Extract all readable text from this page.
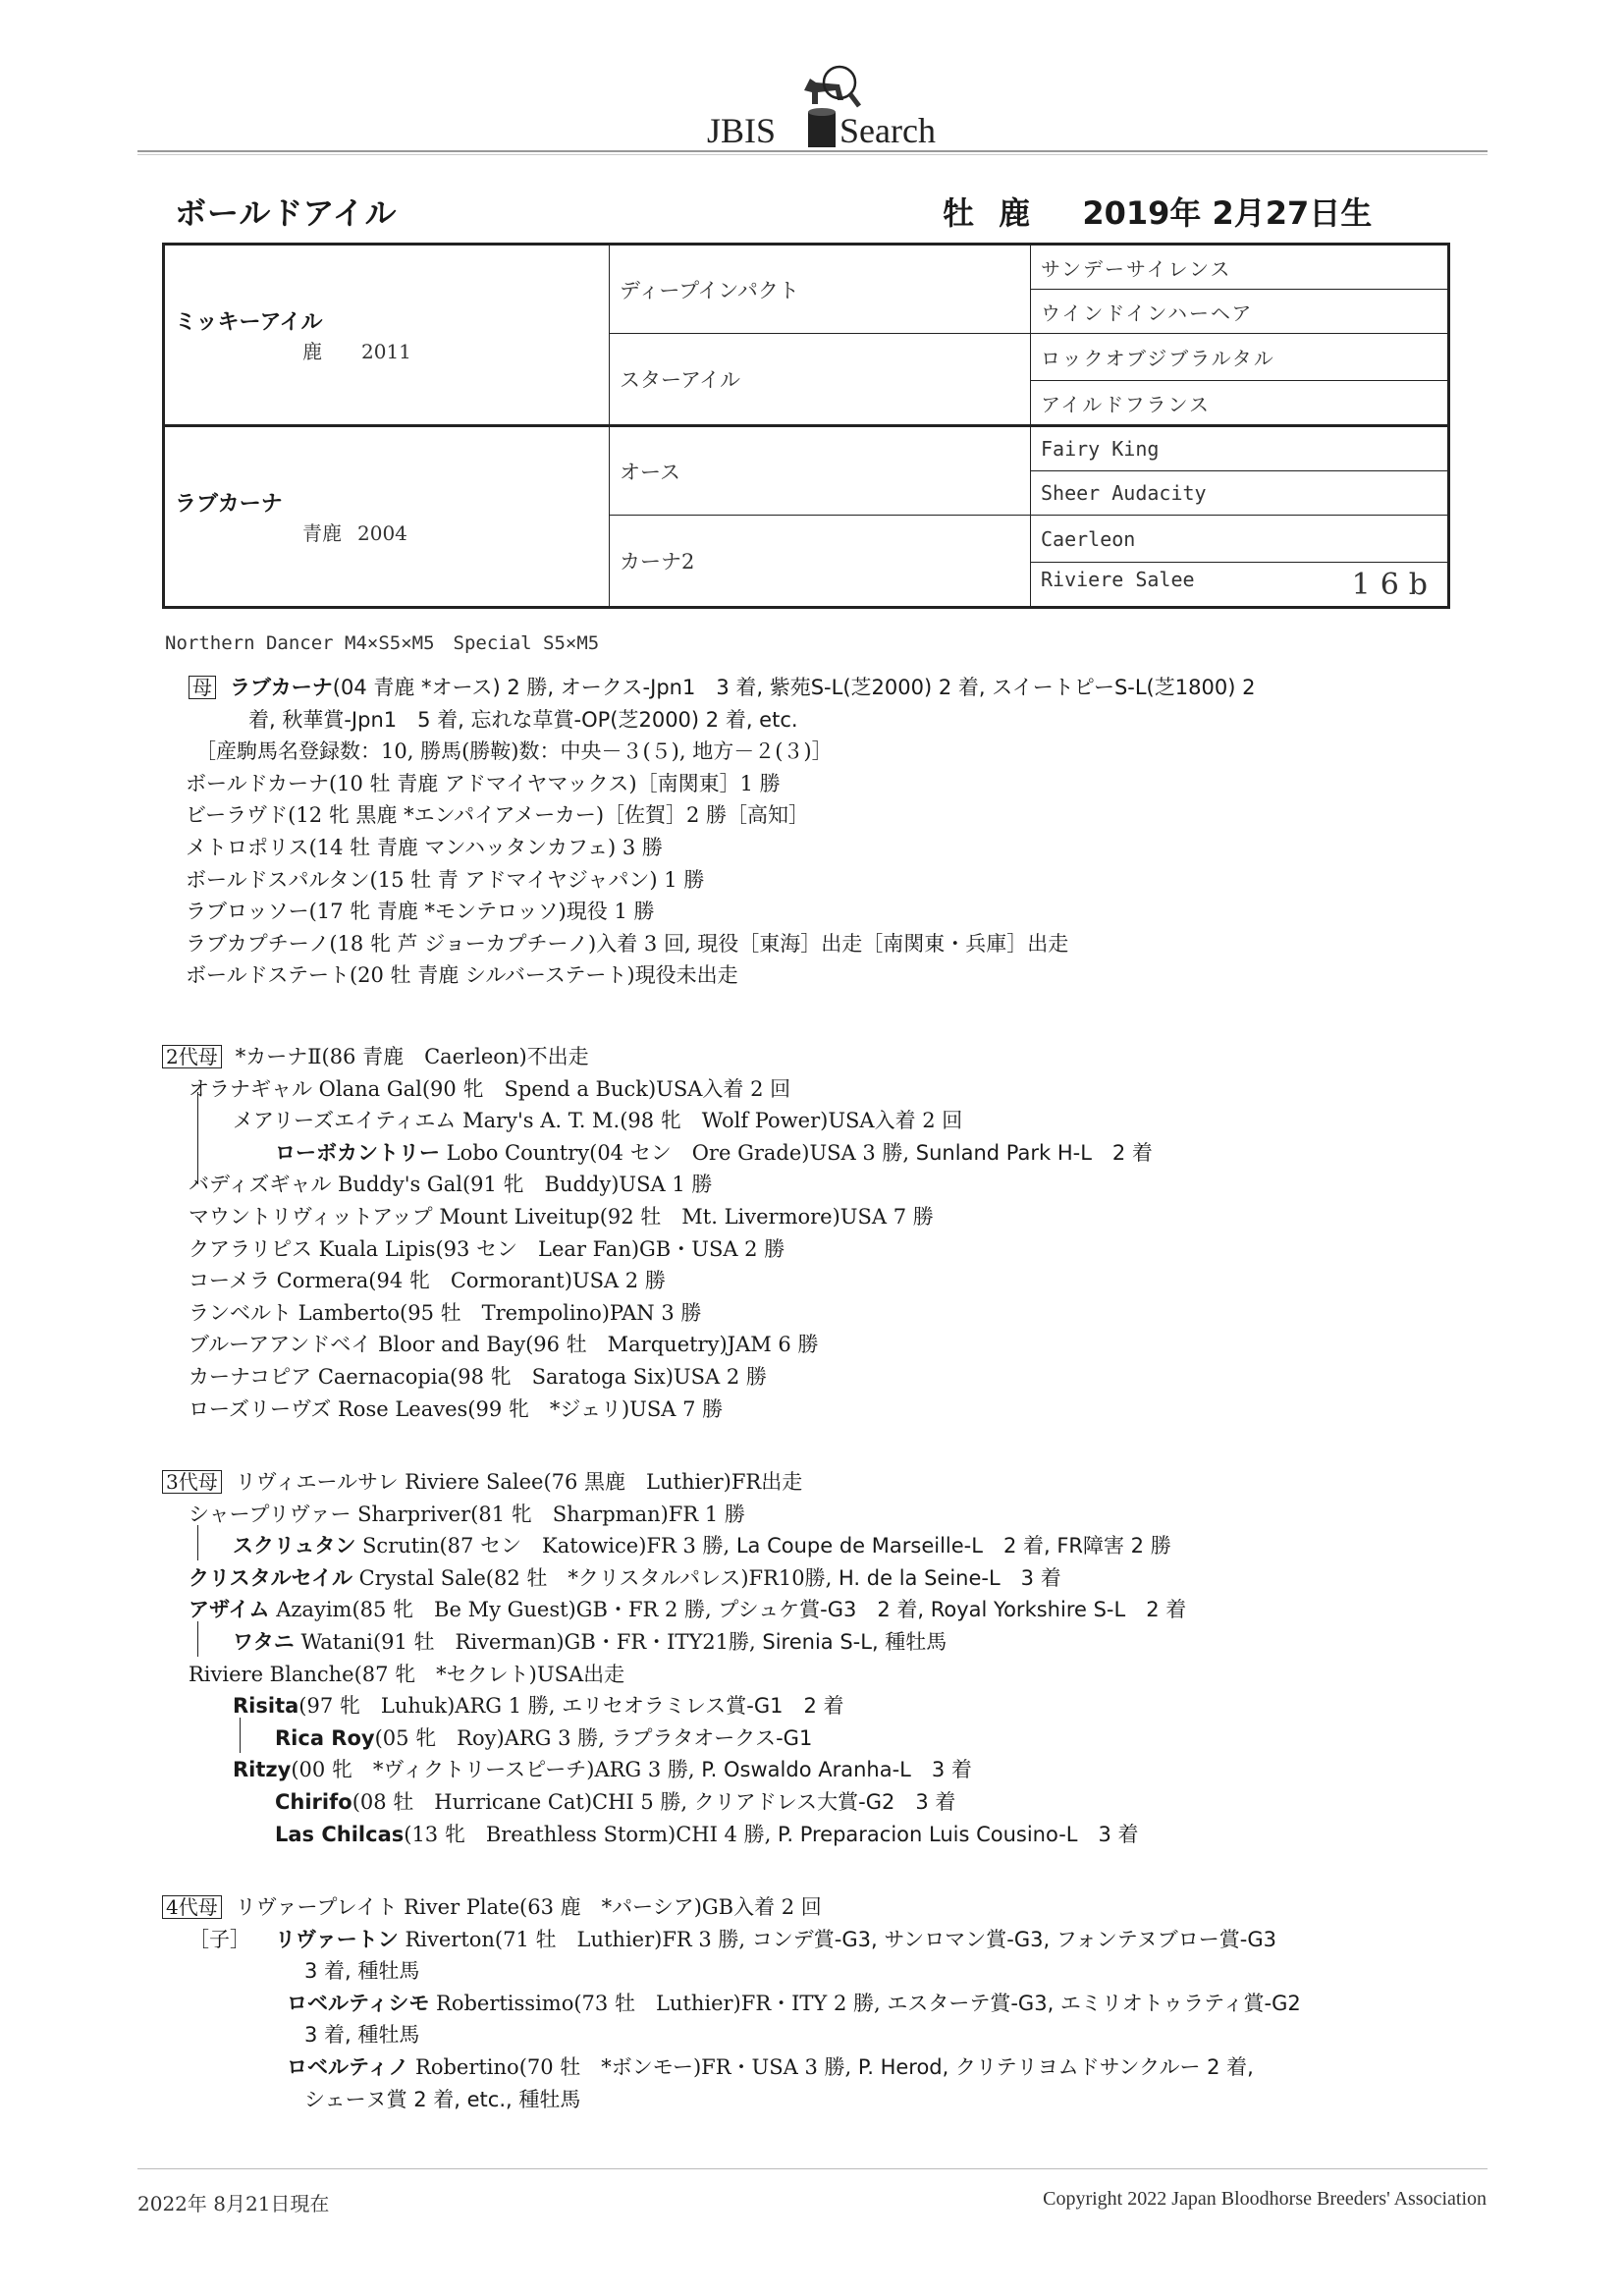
JBIS Search
ボールドアイル	牡 鹿 2019年 2月27日生
ミッキーアイル
鹿 2011	ディープインパクト	サンデーサイレンス
		ウインドインハーヘア
	スターアイル	ロックオブジブラルタル
		アイルドフランス

ラブカーナ
青鹿 2004	オース	Fairy King
		Sheer Audacity
	カーナ2	Caerleon
		Riviere Salee 16b
Northern Dancer M4×S5×M5　Special S5×M5
母 ラブカーナ(04 青鹿 *オース) 2 勝, オークス-Jpn1　3 着, 紫苑S-L(芝2000) 2 着, スイートピーS-L(芝1800) 2
着, 秋華賞-Jpn1　5 着, 忘れな草賞-OP(芝2000) 2 着, etc.
［産駒馬名登録数：10, 勝馬(勝鞍)数：中央－３(５), 地方－２(３)］
ボールドカーナ(10 牡 青鹿 アドマイヤマックス)［南関東］1 勝
ビーラヴド(12 牝 黒鹿 *エンパイアメーカー)［佐賀］2 勝［高知］
メトロポリス(14 牡 青鹿 マンハッタンカフェ) 3 勝
ボールドスパルタン(15 牡 青 アドマイヤジャパン) 1 勝
ラブロッソー(17 牝 青鹿 *モンテロッソ)現役 1 勝
ラブカプチーノ(18 牝 芦 ジョーカプチーノ)入着 3 回, 現役［東海］出走［南関東・兵庫］出走
ボールドステート(20 牡 青鹿 シルバーステート)現役未出走
2代母 *カーナⅡ(86 青鹿　Caerleon)不出走
オラナギャル Olana Gal(90 牝　Spend a Buck)USA入着 2 回
メアリーズエイティエム Mary's A. T. M.(98 牝　Wolf Power)USA入着 2 回
ローボカントリー Lobo Country(04 セン　Ore Grade)USA 3 勝, Sunland Park H-L　2 着
バディズギャル Buddy's Gal(91 牝　Buddy)USA 1 勝
マウントリヴィットアップ Mount Liveitup(92 牡　Mt. Livermore)USA 7 勝
クアラリピス Kuala Lipis(93 セン　Lear Fan)GB・USA 2 勝
コーメラ Cormera(94 牝　Cormorant)USA 2 勝
ランベルト Lamberto(95 牡　Trempolino)PAN 3 勝
ブルーアアンドベイ Bloor and Bay(96 牡　Marquetry)JAM 6 勝
カーナコピア Caernacopia(98 牝　Saratoga Six)USA 2 勝
ローズリーヴズ Rose Leaves(99 牝　*ジェリ)USA 7 勝
3代母 リヴィエールサレ Riviere Salee(76 黒鹿　Luthier)FR出走
シャープリヴァー Sharpriver(81 牝　Sharpman)FR 1 勝
スクリュタン Scrutin(87 セン　Katowice)FR 3 勝, La Coupe de Marseille-L　2 着, FR障害 2 勝
クリスタルセイル Crystal Sale(82 牡　*クリスタルパレス)FR10勝, H. de la Seine-L　3 着
アザイム Azayim(85 牝　Be My Guest)GB・FR 2 勝, プシュケ賞-G3　2 着, Royal Yorkshire S-L　2 着
ワタニ Watani(91 牡　Riverman)GB・FR・ITY21勝, Sirenia S-L, 種牡馬
Riviere Blanche(87 牝　*セクレト)USA出走
Risita(97 牝　Luhuk)ARG 1 勝, エリセオラミレス賞-G1　2 着
Rica Roy(05 牝　Roy)ARG 3 勝, ラプラタオークス-G1
Ritzy(00 牝　*ヴィクトリースピーチ)ARG 3 勝, P. Oswaldo Aranha-L　3 着
Chirifo(08 牡　Hurricane Cat)CHI 5 勝, クリアドレス大賞-G2　3 着
Las Chilcas(13 牝　Breathless Storm)CHI 4 勝, P. Preparacion Luis Cousino-L　3 着
4代母 リヴァープレイト River Plate(63 鹿　*パーシア)GB入着 2 回
［子］ リヴァートン Riverton(71 牡　Luthier)FR 3 勝, コンデ賞-G3, サンロマン賞-G3, フォンテヌブロー賞-G3
3 着, 種牡馬
ロベルティシモ Robertissimo(73 牡　Luthier)FR・ITY 2 勝, エスターテ賞-G3, エミリオトゥラティ賞-G2
3 着, 種牡馬
ロベルティノ Robertino(70 牡　*ボンモー)FR・USA 3 勝, P. Herod, クリテリヨムドサンクルー 2 着,
シェーヌ賞 2 着, etc., 種牡馬
2022年 8月21日現在	Copyright 2022 Japan Bloodhorse Breeders' Association
